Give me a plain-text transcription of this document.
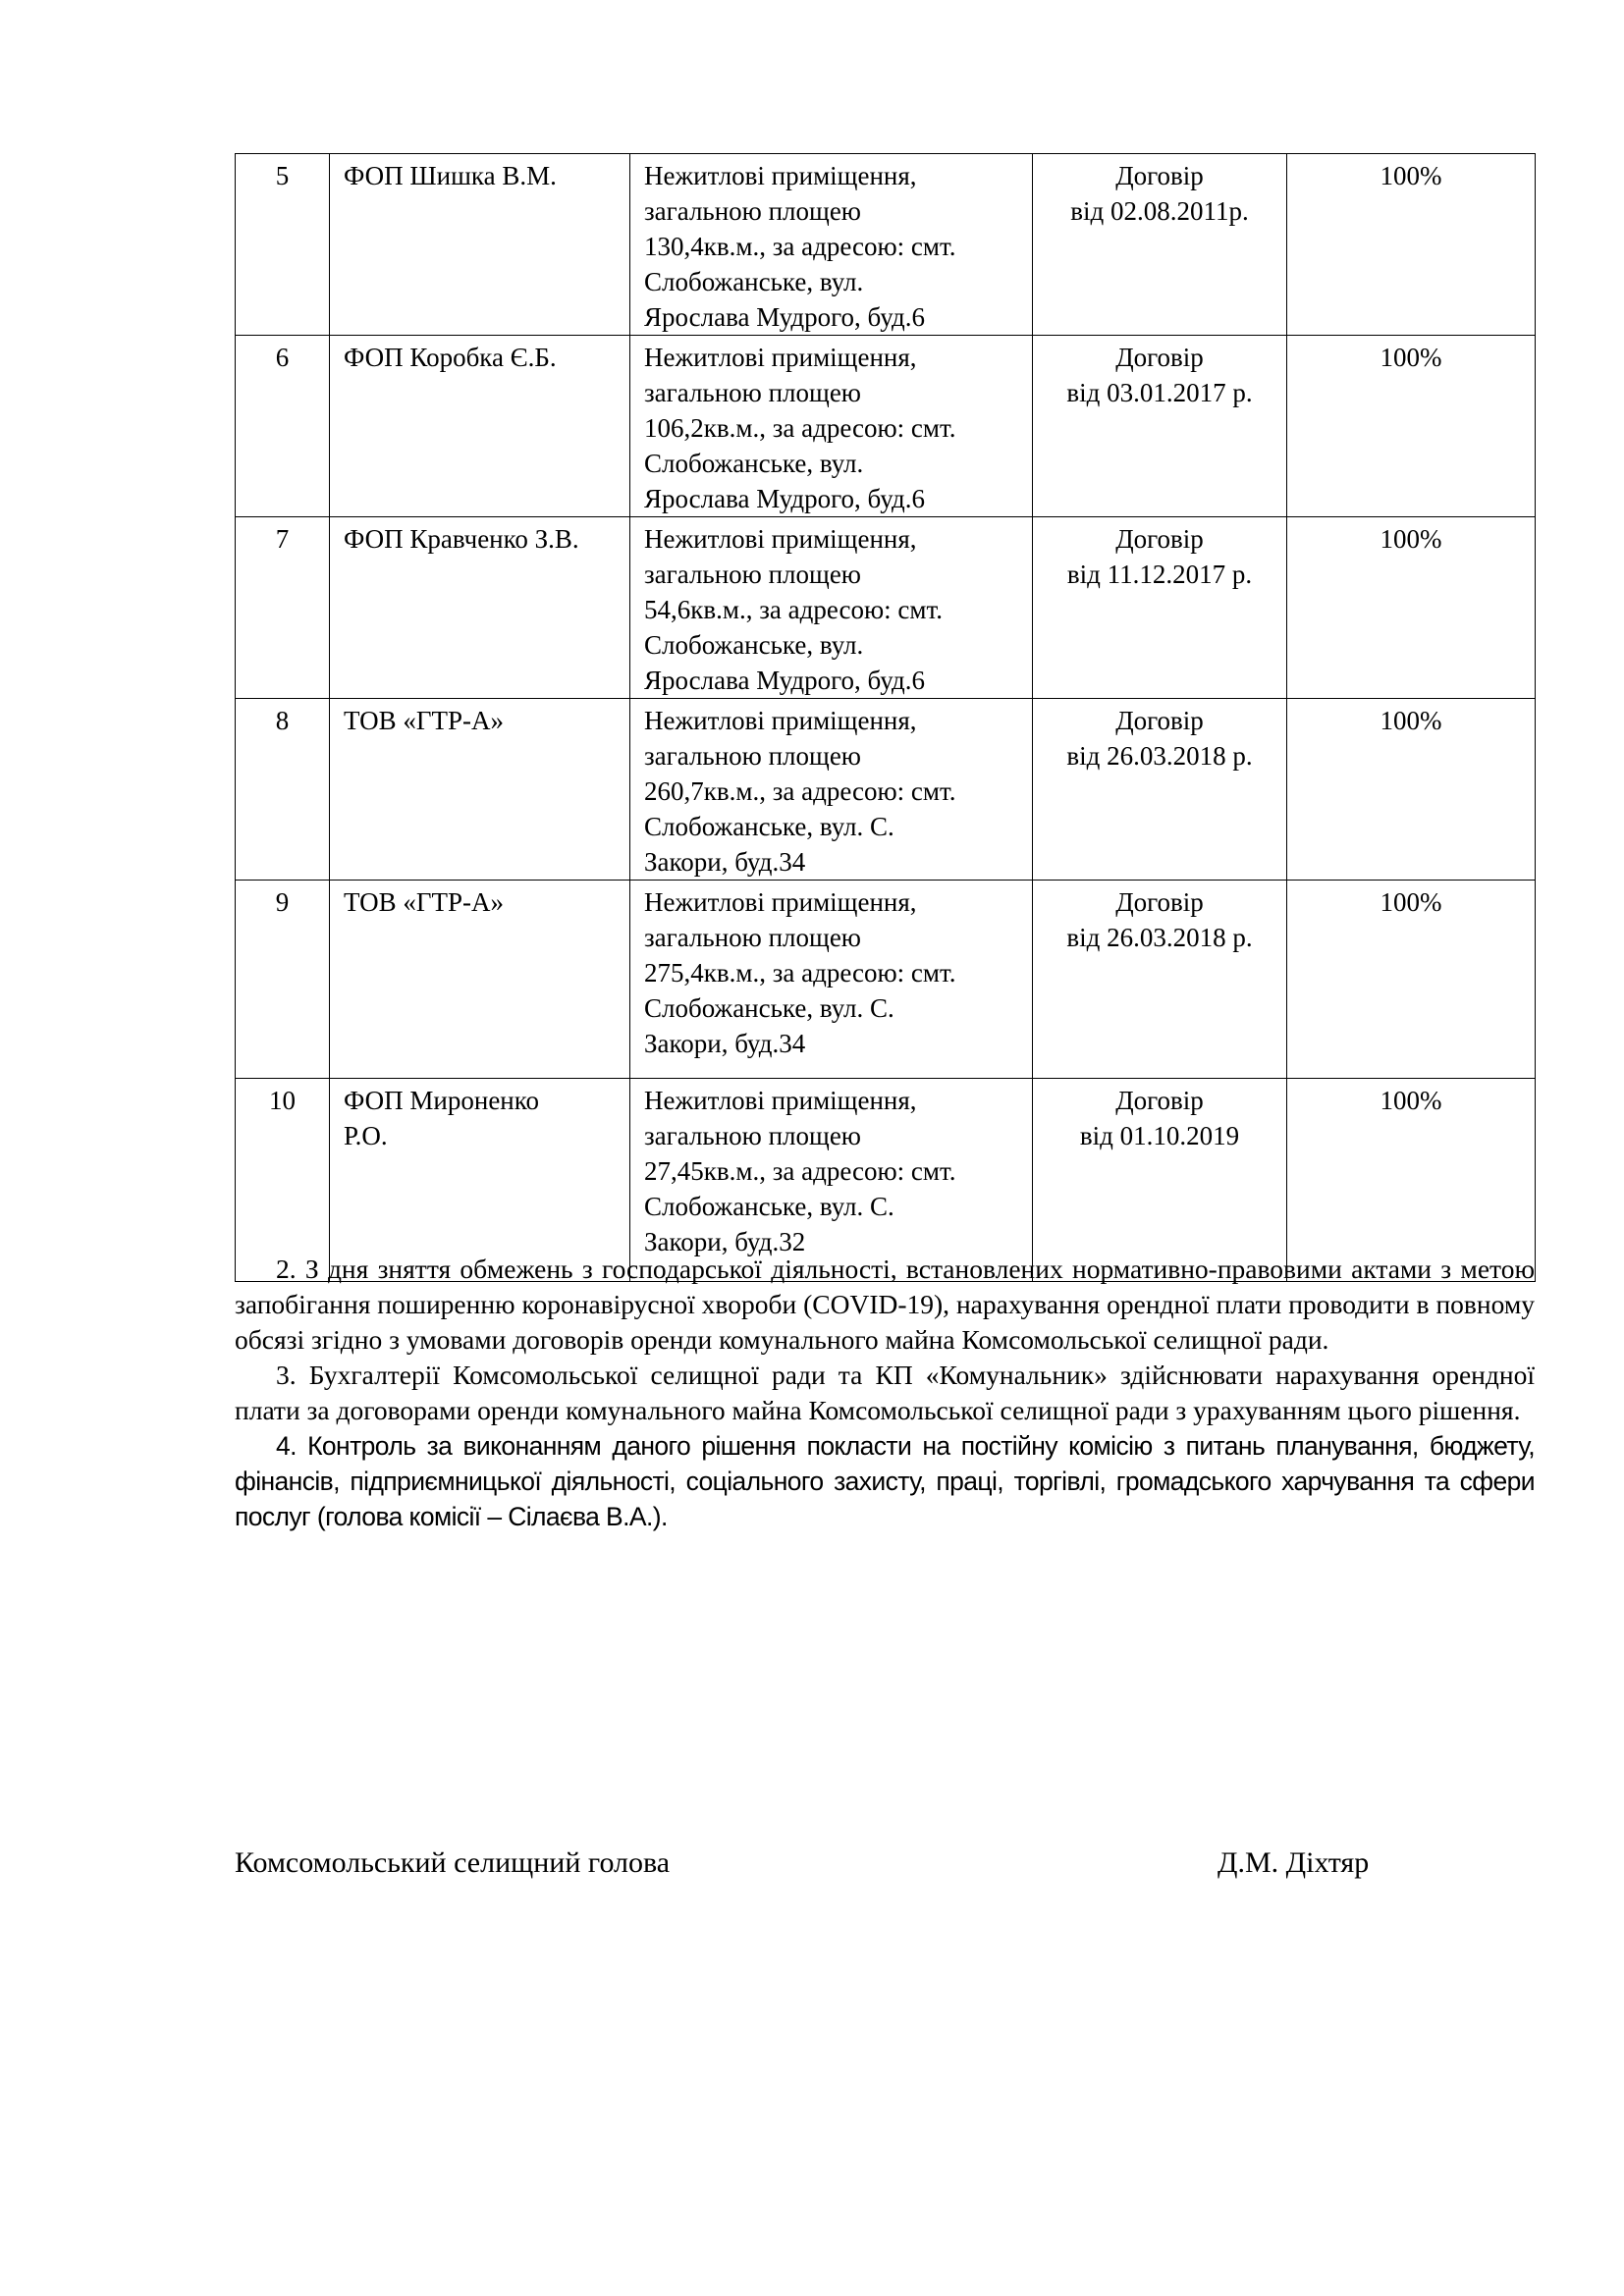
5	ФОП Шишка В.М.	Нежитлові приміщення,
загальною площею
130,4кв.м., за адресою: смт.
Слобожанське, вул.
Ярослава Мудрого, буд.6	Договір
від 02.08.2011р.	100%
6	ФОП Коробка Є.Б.	Нежитлові приміщення,
загальною площею
106,2кв.м., за адресою: смт.
Слобожанське, вул.
Ярослава Мудрого, буд.6	Договір
від 03.01.2017 р.	100%
7	ФОП Кравченко З.В.	Нежитлові приміщення,
загальною площею
54,6кв.м., за адресою: смт.
Слобожанське, вул.
Ярослава Мудрого, буд.6	Договір
від 11.12.2017 р.	100%
8	ТОВ «ГТР-А»	Нежитлові приміщення,
загальною площею
260,7кв.м., за адресою: смт.
Слобожанське, вул. С.
Закори, буд.34	Договір
від 26.03.2018 р.	100%
9	ТОВ «ГТР-А»	Нежитлові приміщення,
загальною площею
275,4кв.м., за адресою: смт.
Слобожанське, вул. С.
Закори, буд.34	Договір
від 26.03.2018 р.	100%
10	ФОП Мироненко
Р.О.	Нежитлові приміщення,
загальною площею
27,45кв.м., за адресою: смт.
Слобожанське, вул. С.
Закори, буд.32	Договір
від 01.10.2019	100%

2. З дня зняття обмежень з господарської діяльності, встановлених нормативно-правовими актами з метою запобігання поширенню коронавірусної хвороби (COVID-19), нарахування орендної плати проводити в повному обсязі згідно з умовами договорів оренди комунального майна Комсомольської селищної ради.

3. Бухгалтерії Комсомольської селищної ради та КП «Комунальник» здійснювати нарахування орендної плати за договорами оренди комунального майна Комсомольської селищної ради з урахуванням цього рішення.

4. Контроль за виконанням даного рішення покласти на постійну комісію з питань планування, бюджету, фінансів, підприємницької діяльності, соціального захисту, праці, торгівлі, громадського харчування та сфери послуг (голова комісії – Сілаєва В.А.).

Комсомольський селищний голова	Д.М. Діхтяр
